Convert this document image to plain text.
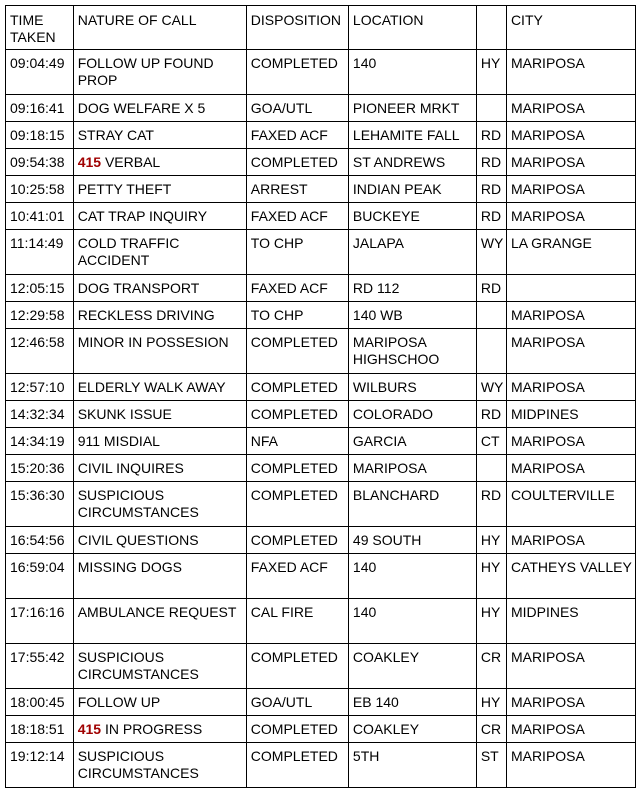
TIME TAKEN	NATURE OF CALL	DISPOSITION	LOCATION		CITY
09:04:49	FOLLOW UP FOUND PROP	COMPLETED	140	HY	MARIPOSA
09:16:41	DOG WELFARE X 5	GOA/UTL	PIONEER MRKT		MARIPOSA
09:18:15	STRAY CAT	FAXED ACF	LEHAMITE FALL	RD	MARIPOSA
09:54:38	415 VERBAL	COMPLETED	ST ANDREWS	RD	MARIPOSA
10:25:58	PETTY THEFT	ARREST	INDIAN PEAK	RD	MARIPOSA
10:41:01	CAT TRAP INQUIRY	FAXED ACF	BUCKEYE	RD	MARIPOSA
11:14:49	COLD TRAFFIC ACCIDENT	TO CHP	JALAPA	WY	LA GRANGE
12:05:15	DOG TRANSPORT	FAXED ACF	RD 112	RD	
12:29:58	RECKLESS DRIVING	TO CHP	140 WB		MARIPOSA
12:46:58	MINOR IN POSSESION	COMPLETED	MARIPOSA HIGHSCHOO		MARIPOSA
12:57:10	ELDERLY WALK AWAY	COMPLETED	WILBURS	WY	MARIPOSA
14:32:34	SKUNK ISSUE	COMPLETED	COLORADO	RD	MIDPINES
14:34:19	911 MISDIAL	NFA	GARCIA	CT	MARIPOSA
15:20:36	CIVIL INQUIRES	COMPLETED	MARIPOSA		MARIPOSA
15:36:30	SUSPICIOUS CIRCUMSTANCES	COMPLETED	BLANCHARD	RD	COULTERVILLE
16:54:56	CIVIL QUESTIONS	COMPLETED	49 SOUTH	HY	MARIPOSA
16:59:04	MISSING DOGS	FAXED ACF	140	HY	CATHEYS VALLEY
17:16:16	AMBULANCE REQUEST	CAL FIRE	140	HY	MIDPINES
17:55:42	SUSPICIOUS CIRCUMSTANCES	COMPLETED	COAKLEY	CR	MARIPOSA
18:00:45	FOLLOW UP	GOA/UTL	EB 140	HY	MARIPOSA
18:18:51	415 IN PROGRESS	COMPLETED	COAKLEY	CR	MARIPOSA
19:12:14	SUSPICIOUS CIRCUMSTANCES	COMPLETED	5TH	ST	MARIPOSA
